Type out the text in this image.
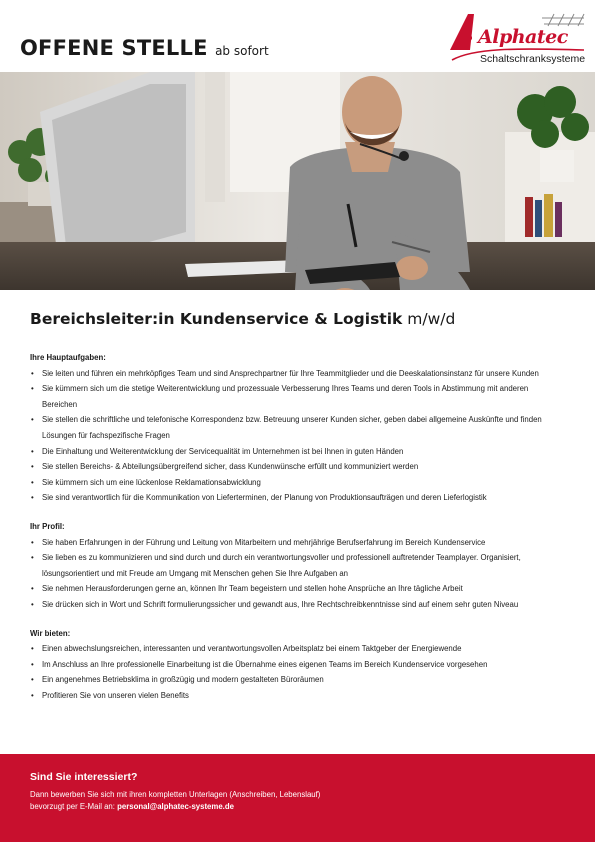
OFFENE STELLE ab sofort
Alphatec
Schaltschranksysteme
Bereichsleiter:in Kundenservice & Logistik m/w/d
Ihre Hauptaufgaben:
• Sie leiten und führen ein mehrköpfiges Team und sind Ansprechpartner für Ihre Teammitglieder und die Deeskalationsinstanz für unsere Kunden
• Sie kümmern sich um die stetige Weiterentwicklung und prozessuale Verbesserung Ihres Teams und deren Tools in Abstimmung mit anderen Bereichen
• Sie stellen die schriftliche und telefonische Korrespondenz bzw. Betreuung unserer Kunden sicher, geben dabei allgemeine Auskünfte und finden Lösungen für fachspezifische Fragen
• Die Einhaltung und Weiterentwicklung der Servicequalität im Unternehmen ist bei Ihnen in guten Händen
• Sie stellen Bereichs- & Abteilungsübergreifend sicher, dass Kundenwünsche erfüllt und kommuniziert werden
• Sie kümmern sich um eine lückenlose Reklamationsabwicklung
• Sie sind verantwortlich für die Kommunikation von Lieferterminen, der Planung von Produktionsaufträgen und deren Lieferlogistik
Ihr Profil:
• Sie haben Erfahrungen in der Führung und Leitung von Mitarbeitern und mehrjährige Berufserfahrung im Bereich Kundenservice
• Sie lieben es zu kommunizieren und sind durch und durch ein verantwortungsvoller und professionell auftretender Teamplayer. Organisiert, lösungsorientiert und mit Freude am Umgang mit Menschen gehen Sie Ihre Aufgaben an
• Sie nehmen Herausforderungen gerne an, können Ihr Team begeistern und stellen hohe Ansprüche an Ihre tägliche Arbeit
• Sie drücken sich in Wort und Schrift formulierungssicher und gewandt aus, Ihre Rechtschreibkenntnisse sind auf einem sehr guten Niveau
Wir bieten:
• Einen abwechslungsreichen, interessanten und verantwortungsvollen Arbeitsplatz bei einem Taktgeber der Energiewende
• Im Anschluss an Ihre professionelle Einarbeitung ist die Übernahme eines eigenen Teams im Bereich Kundenservice vorgesehen
• Ein angenehmes Betriebsklima in großzügig und modern gestalteten Büroräumen
• Profitieren Sie von unseren vielen Benefits
Sind Sie interessiert?
Dann bewerben Sie sich mit ihren kompletten Unterlagen (Anschreiben, Lebenslauf)
bevorzugt per E-Mail an: personal@alphatec-systeme.de
